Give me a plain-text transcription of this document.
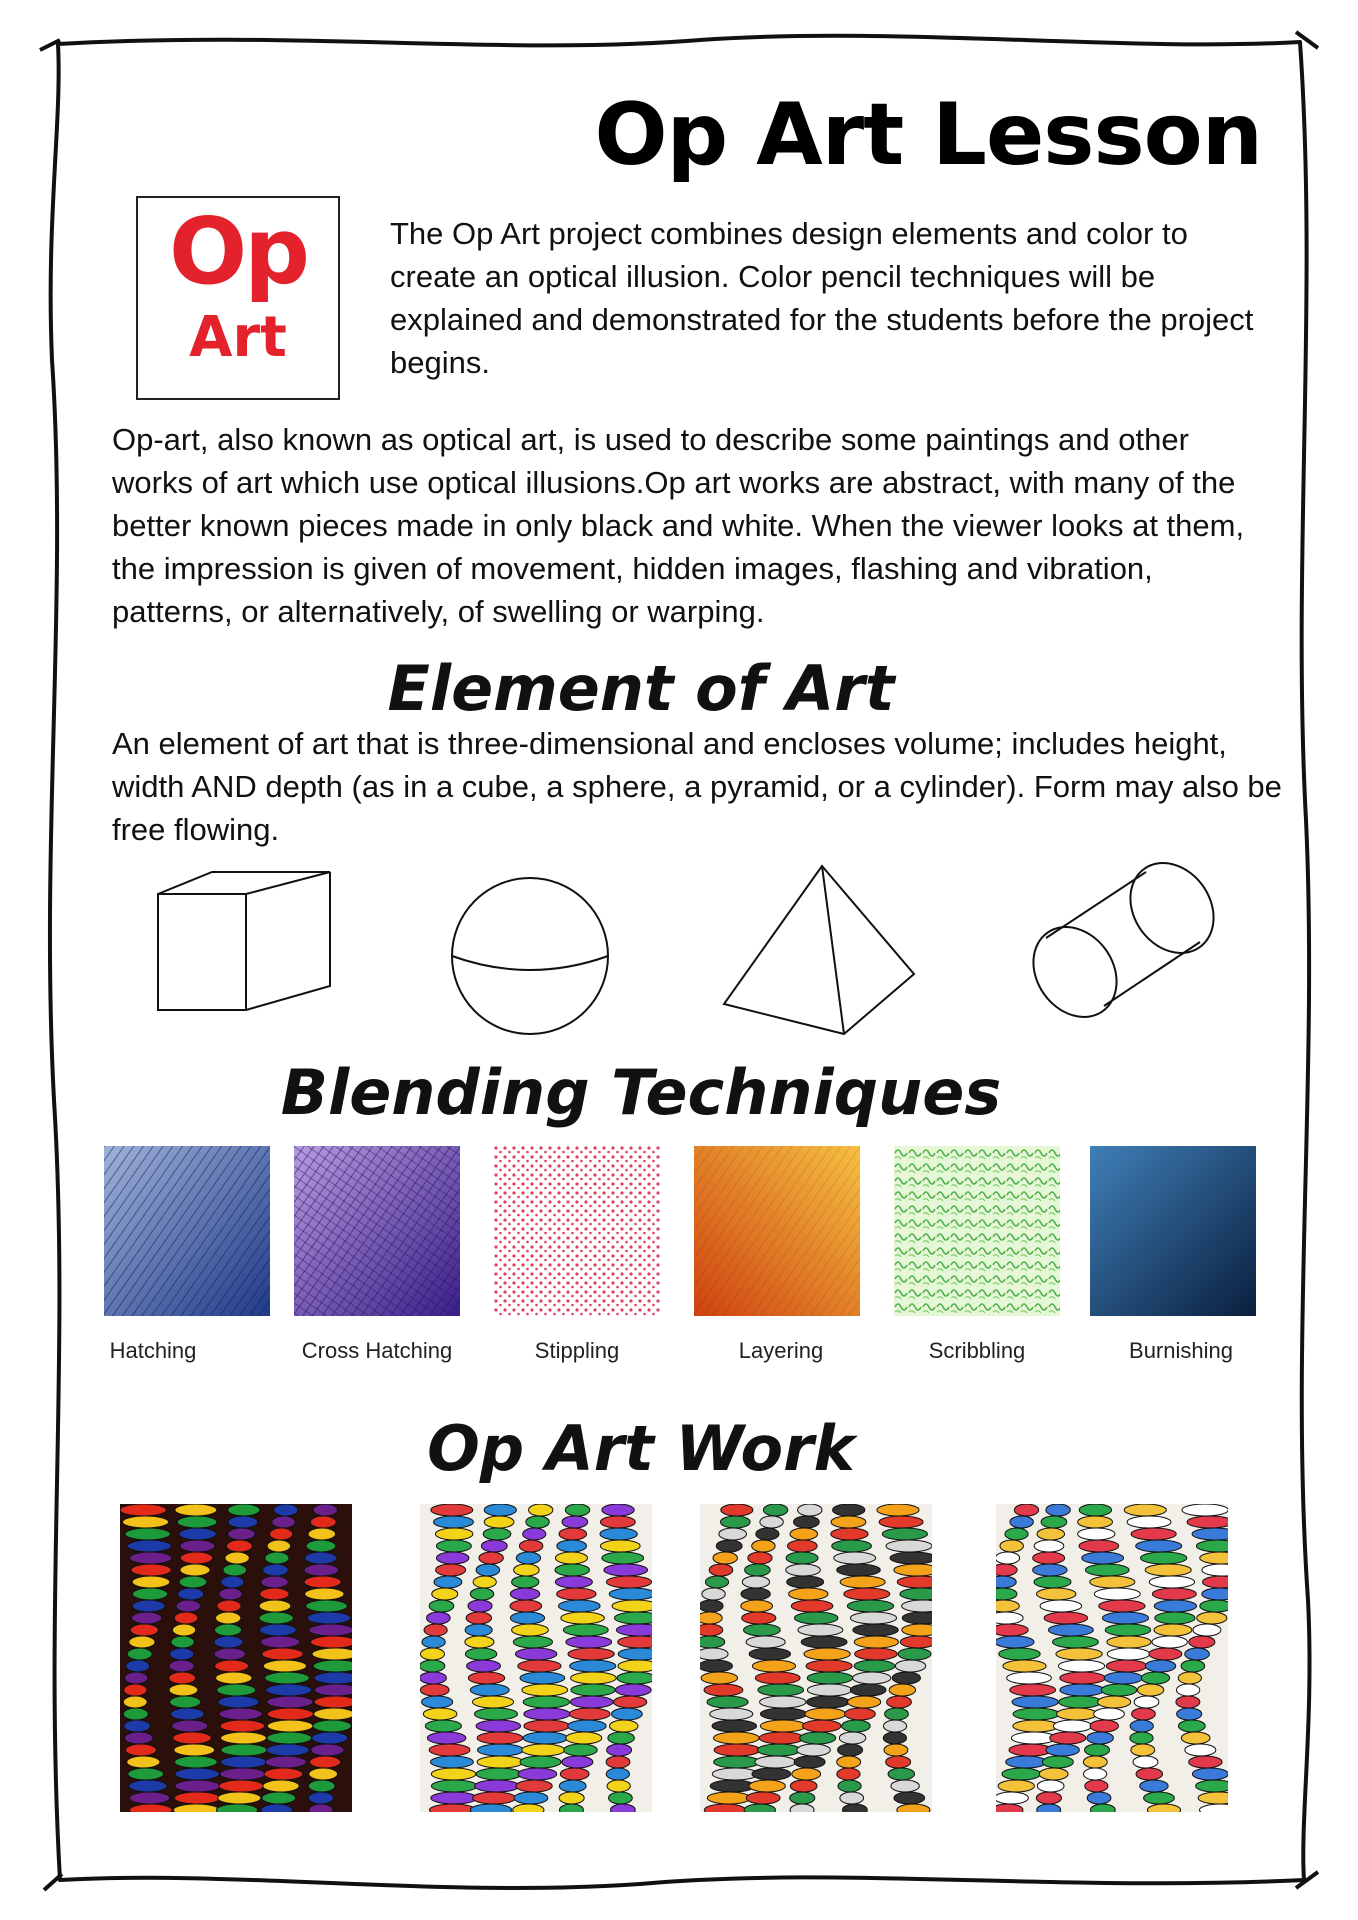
Op Art Lesson
Op
Art

The Op Art project combines design elements and color to create an optical illusion. Color pencil techniques will be explained and demonstrated for the students before the project begins.

Op-art, also known as optical art, is used to describe some paintings and other works of art which use optical illusions.Op art works are abstract, with many of the better known pieces made in only black and white. When the viewer looks at them, the impression is given of movement, hidden images, flashing and vibration, patterns, or alternatively, of swelling or warping.

Element of Art

An element of art that is three-dimensional and encloses volume; includes height, width AND depth (as in a cube, a sphere, a pyramid, or a cylinder). Form may also be free flowing.

Blending Techniques
Hatching	Cross Hatching	Stippling	Layering	Scribbling	Burnishing
Op Art Work
